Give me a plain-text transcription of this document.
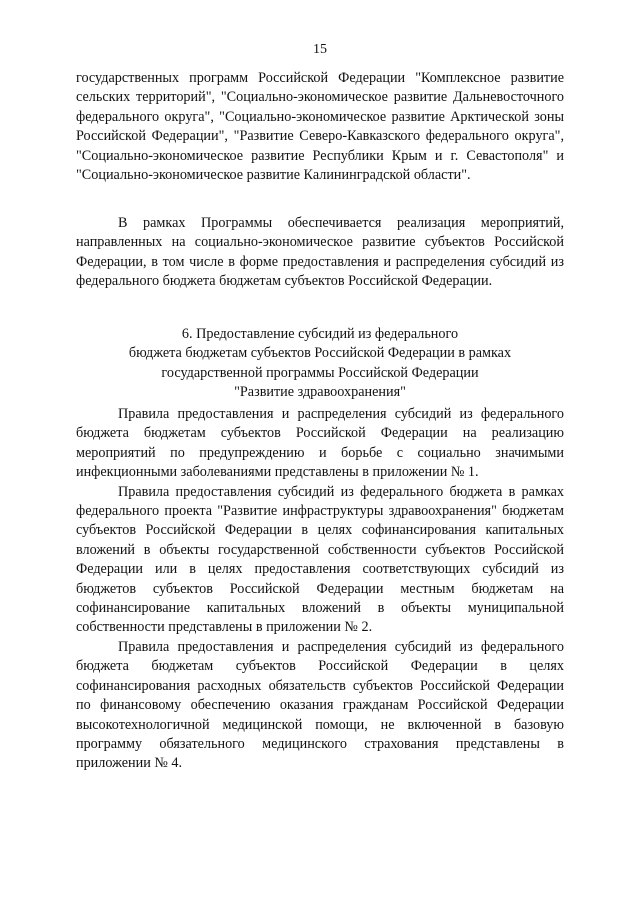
15

государственных программ Российской Федерации "Комплексное развитие сельских территорий", "Социально-экономическое развитие Дальневосточного федерального округа", "Социально-экономическое развитие Арктической зоны Российской Федерации", "Развитие Северо-Кавказского федерального округа", "Социально-экономическое развитие Республики Крым и г. Севастополя" и "Социально-экономическое развитие Калининградской области".

В рамках Программы обеспечивается реализация мероприятий, направленных на социально-экономическое развитие субъектов Российской Федерации, в том числе в форме предоставления и распределения субсидий из федерального бюджета бюджетам субъектов Российской Федерации.

6. Предоставление субсидий из федерального
бюджета бюджетам субъектов Российской Федерации в рамках
государственной программы Российской Федерации
"Развитие здравоохранения"

Правила предоставления и распределения субсидий из федерального бюджета бюджетам субъектов Российской Федерации на реализацию мероприятий по предупреждению и борьбе с социально значимыми инфекционными заболеваниями представлены в приложении № 1.

Правила предоставления субсидий из федерального бюджета в рамках федерального проекта "Развитие инфраструктуры здравоохранения" бюджетам субъектов Российской Федерации в целях софинансирования капитальных вложений в объекты государственной собственности субъектов Российской Федерации или в целях предоставления соответствующих субсидий из бюджетов субъектов Российской Федерации местным бюджетам на софинансирование капитальных вложений в объекты муниципальной собственности представлены в приложении № 2.

Правила предоставления и распределения субсидий из федерального бюджета бюджетам субъектов Российской Федерации в целях софинансирования расходных обязательств субъектов Российской Федерации по финансовому обеспечению оказания гражданам Российской Федерации высокотехнологичной медицинской помощи, не включенной в базовую программу обязательного медицинского страхования представлены в приложении № 4.
